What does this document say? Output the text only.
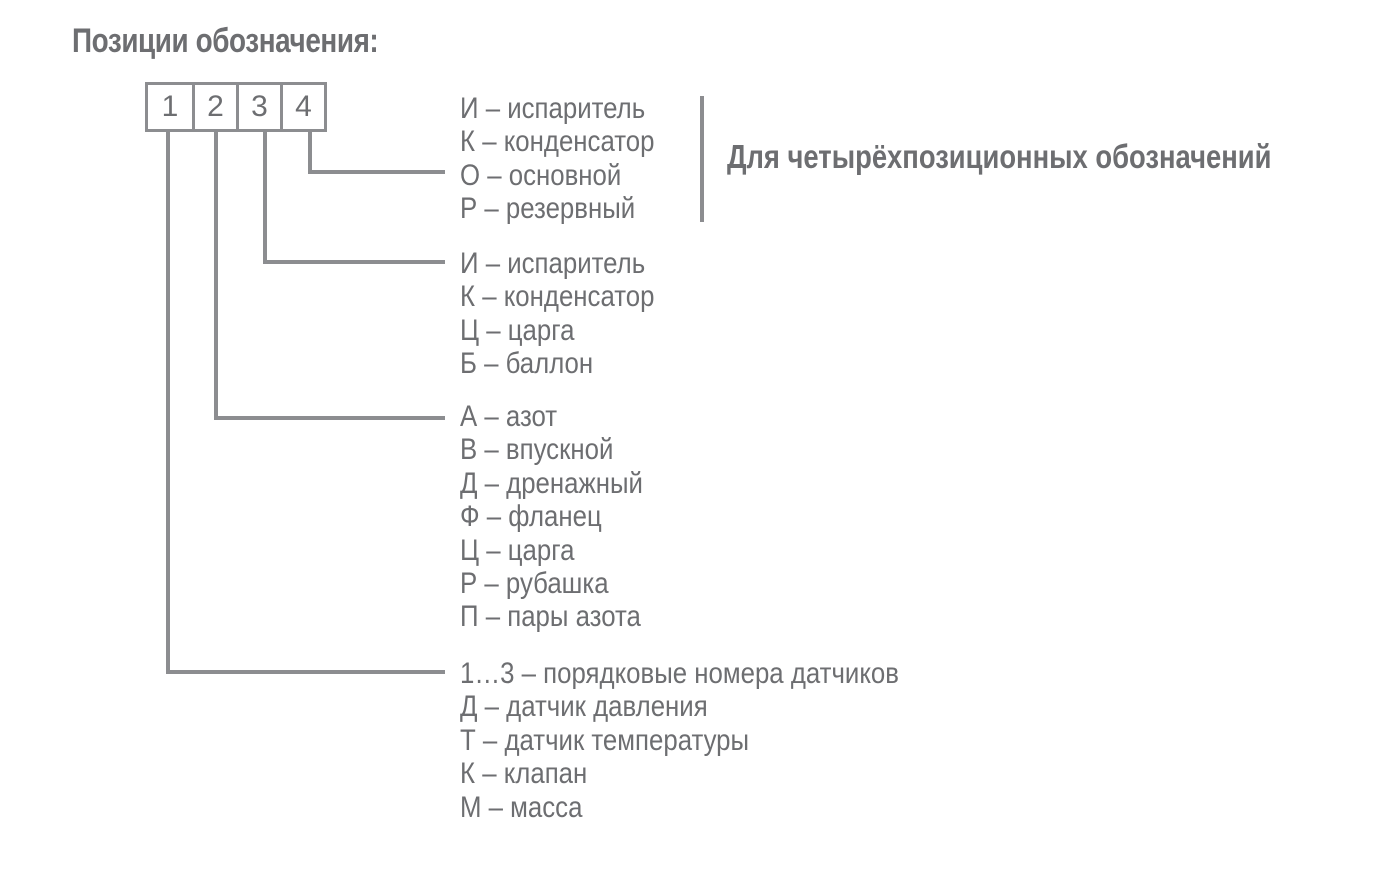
Позиции обозначения:
1 2 3 4	И – испаритель
К – конденсатор
О – основной
Р – резервный
Для четырёхпозиционных обозначений
И – испаритель
К – конденсатор
Ц – царга
Б – баллон
А – азот
В – впускной
Д – дренажный
Ф – фланец
Ц – царга
Р – рубашка
П – пары азота
1…3 – порядковые номера датчиков
Д – датчик давления
Т – датчик температуры
К – клапан
М – масса
